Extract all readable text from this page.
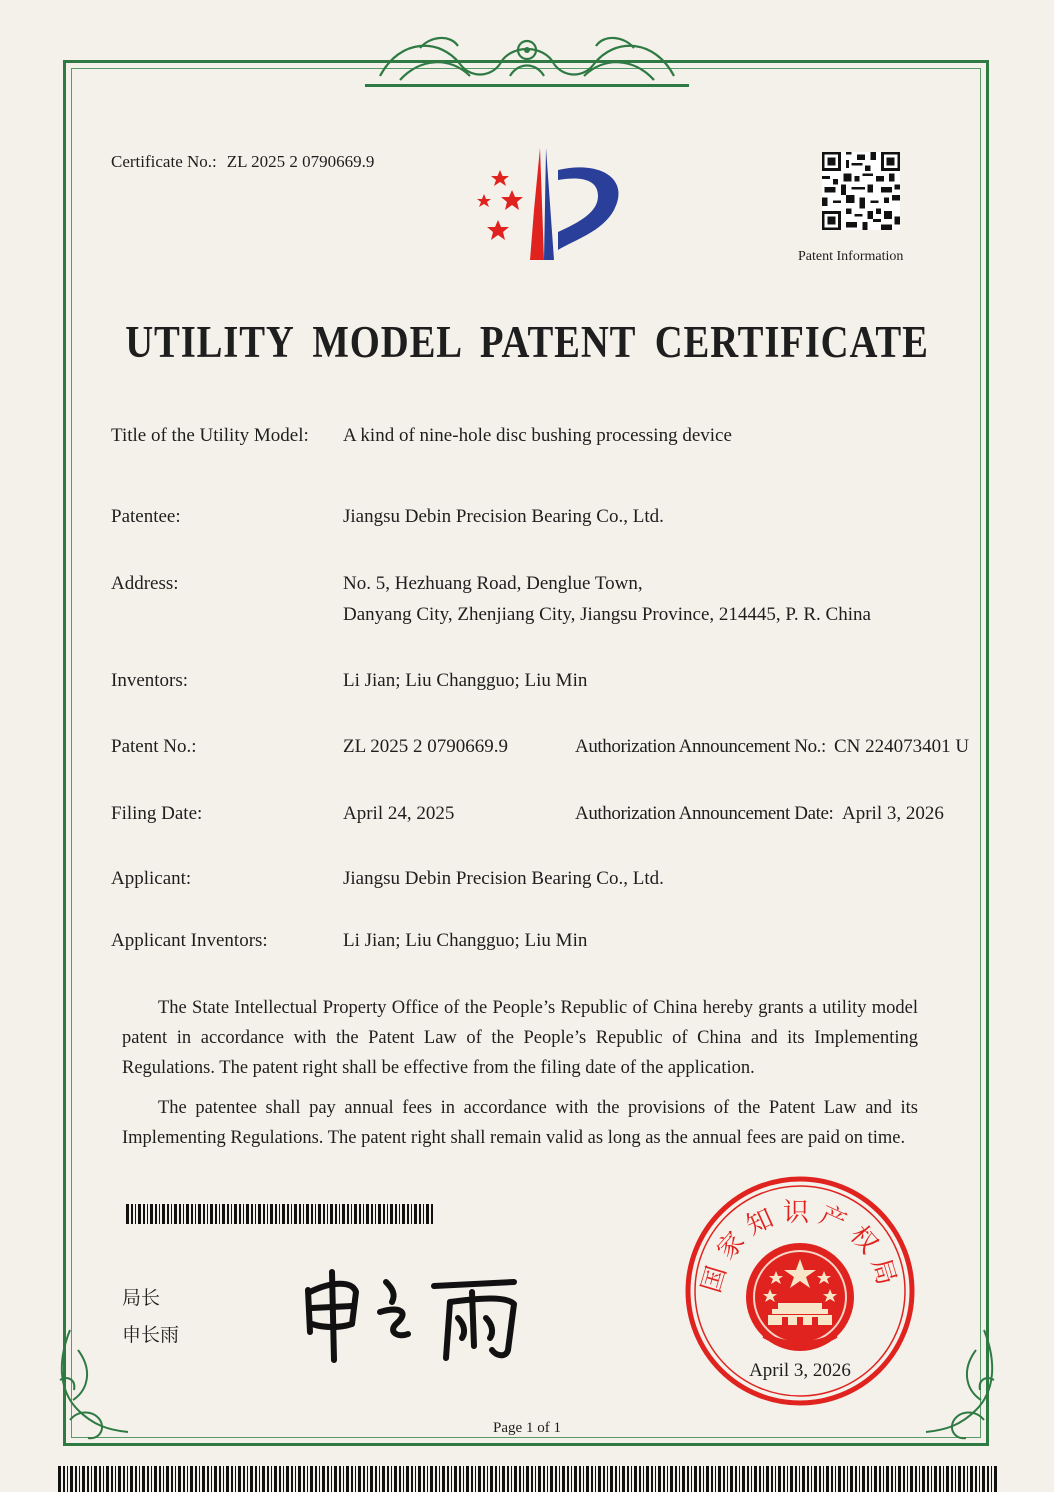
Certificate No.: ZL 2025 2 0790669.9
Patent Information
UTILITY MODEL PATENT CERTIFICATE
Title of the Utility Model: A kind of nine-hole disc bushing processing device
Patentee:	Jiangsu Debin Precision Bearing Co., Ltd.
Address:	No. 5, Hezhuang Road, Denglue Town,
Danyang City, Zhenjiang City, Jiangsu Province, 214445, P. R. China
Inventors:	Li Jian; Liu Changguo; Liu Min
Patent No.:	ZL 2025 2 0790669.9	Authorization Announcement No.: CN 224073401 U
Filing Date:	April 24, 2025	Authorization Announcement Date: April 3, 2026
Applicant:	Jiangsu Debin Precision Bearing Co., Ltd.
Applicant Inventors:	Li Jian; Liu Changguo; Liu Min
The State Intellectual Property Office of the People’s Republic of China hereby grants a utility model patent in accordance with the Patent Law of the People’s Republic of China and its Implementing Regulations. The patent right shall be effective from the filing date of the application.
The patentee shall pay annual fees in accordance with the provisions of the Patent Law and its Implementing Regulations. The patent right shall remain valid as long as the annual fees are paid on time.
局长
申长雨
国家知识产权局
April 3, 2026
Page 1 of 1
